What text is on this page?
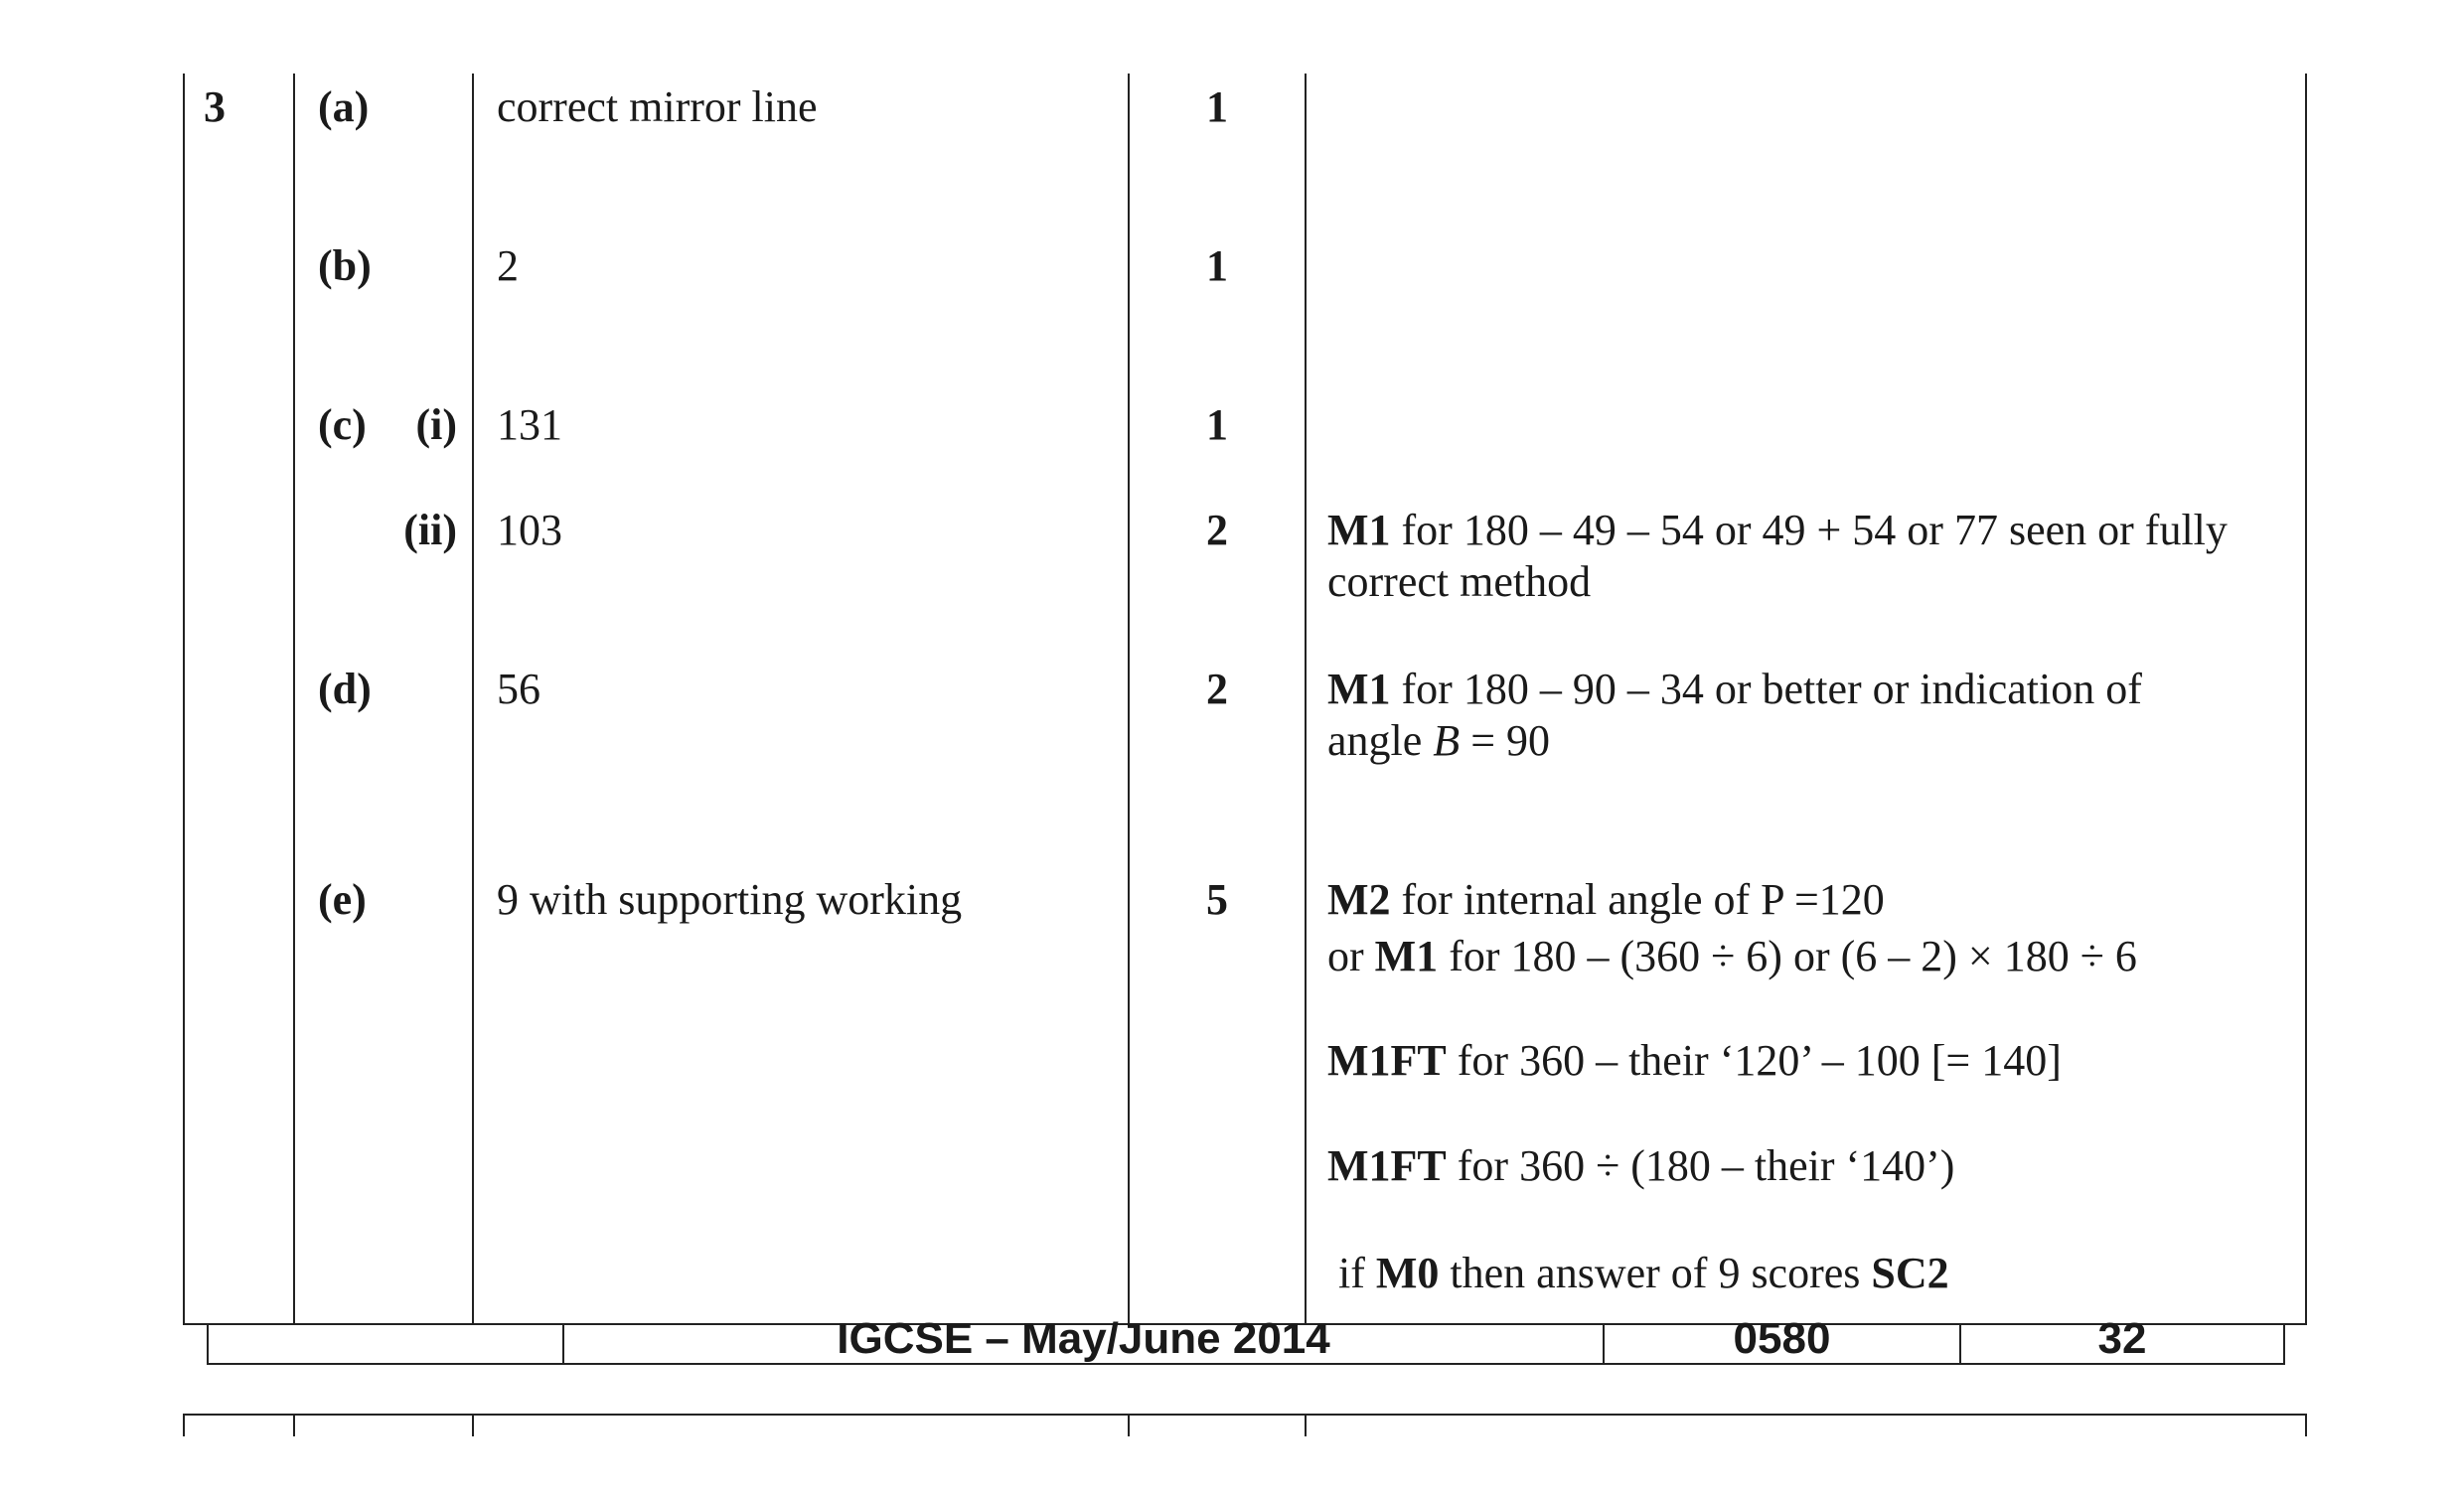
3 (a)	correct mirror line	1
(b)	2	1
(c)	(i) 131	1
(ii) 103	2	M1 for 180 – 49 – 54 or 49 + 54 or 77 seen or fully
correct method
(d)	56	2	M1 for 180 – 90 – 34 or better or indication of
angle B = 90
(e)	9 with supporting working	5	M2 for internal angle of P =120
or M1 for 180 – (360 ÷ 6) or (6 – 2) × 180 ÷ 6
M1FT for 360 – their ‘120’ – 100 [= 140]
M1FT for 360 ÷ (180 – their ‘140’)
if M0 then answer of 9 scores SC2
IGCSE – May/June 2014	0580	32
